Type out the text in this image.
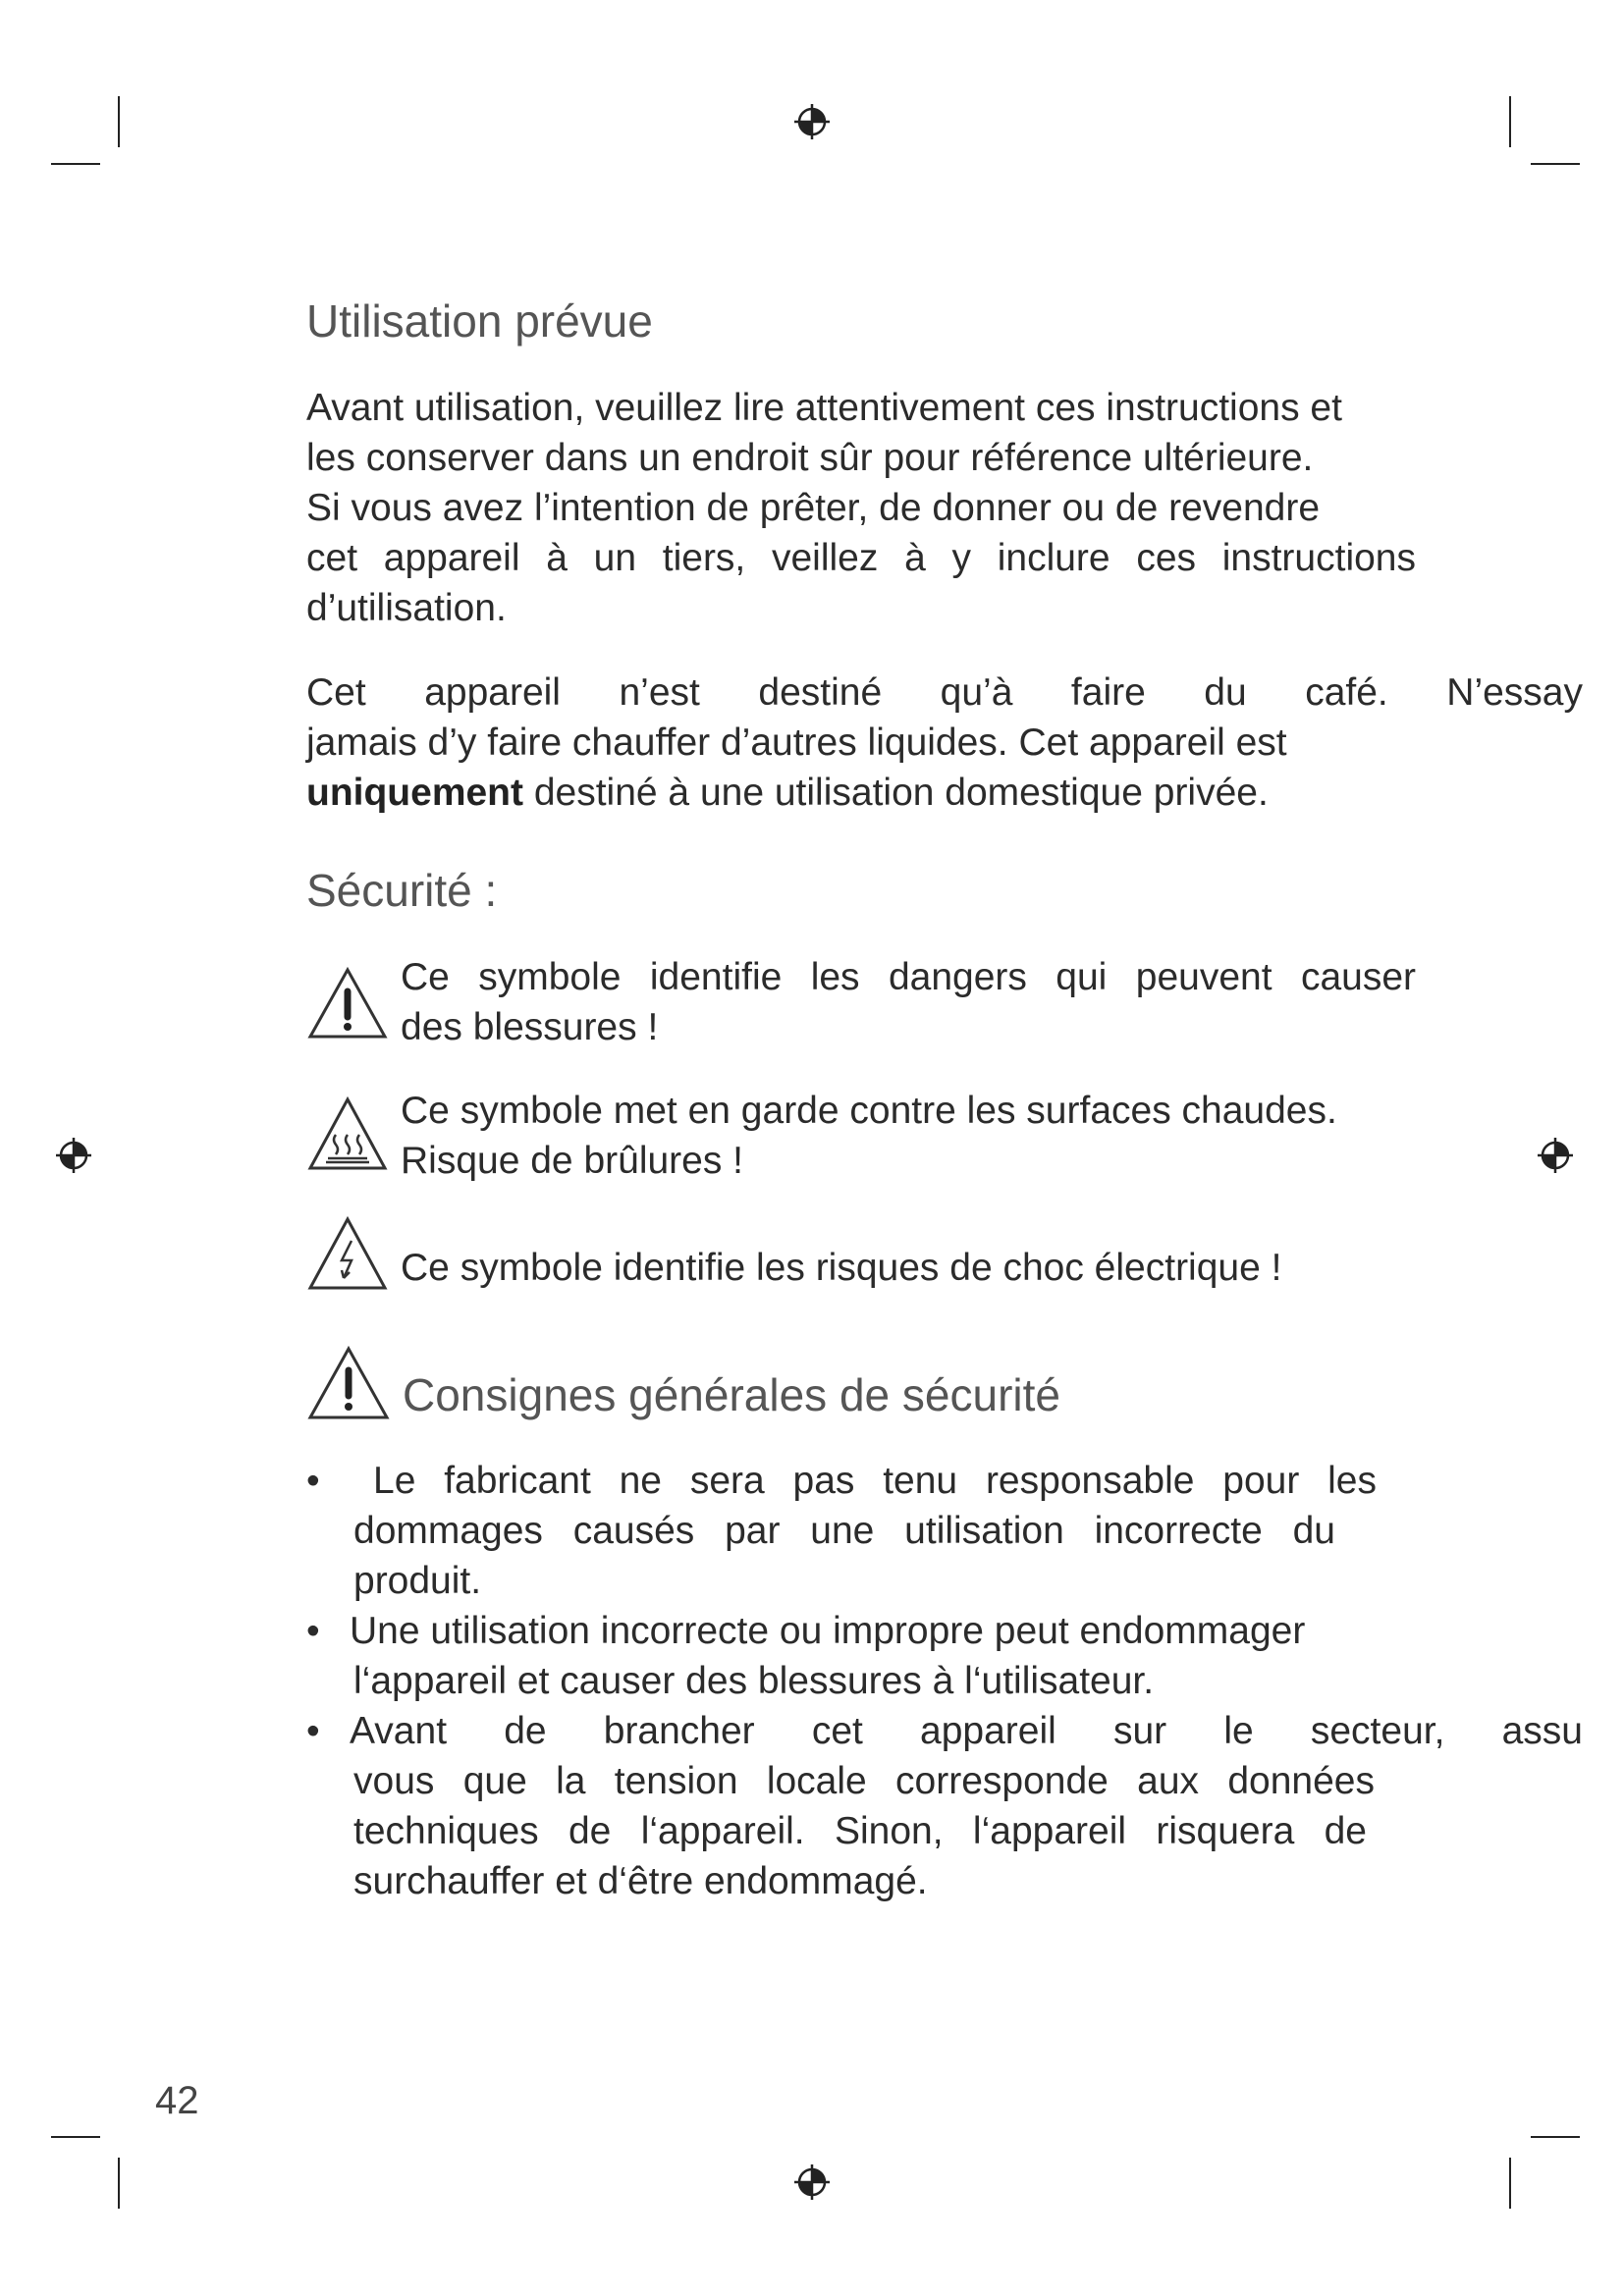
Utilisation prévue
Avant utilisation, veuillez lire attentivement ces instructions et
les conserver dans un endroit sûr pour référence ultérieure.
Si vous avez l’intention de prêter, de donner ou de revendre
cet appareil à un tiers, veillez à y inclure ces instructions
d’utilisation.
Cet appareil n’est destiné qu’à faire du café. N’essay
jamais d’y faire chauffer d’autres liquides. Cet appareil est
uniquement destiné à une utilisation domestique privée.
Sécurité :
Ce symbole identifie les dangers qui peuvent causer
des blessures !
Ce symbole met en garde contre les surfaces chaudes.
Risque de brûlures !
Ce symbole identifie les risques de choc électrique !
Consignes générales de sécurité
•	Le fabricant ne sera pas tenu responsable pour les
dommages causés par une utilisation incorrecte du
produit.
• Une utilisation incorrecte ou impropre peut endommager
l‘appareil et causer des blessures à l‘utilisateur.
• Avant de brancher cet appareil sur le secteur, assu
vous que la tension locale corresponde aux données
techniques de l‘appareil. Sinon, l‘appareil risquera de
surchauffer et d‘être endommagé.
42
